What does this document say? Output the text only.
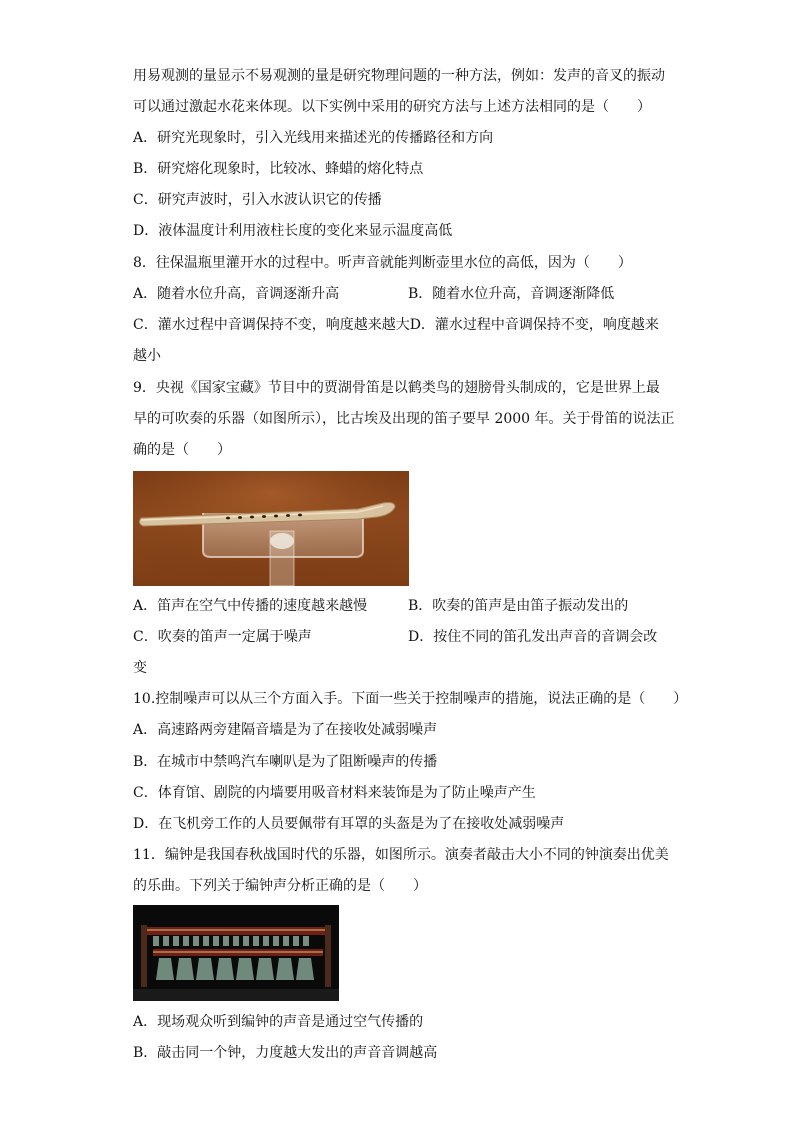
用易观测的量显示不易观测的量是研究物理问题的一种方法，例如：发声的音叉的振动
可以通过激起水花来体现。以下实例中采用的研究方法与上述方法相同的是（　　）
A．研究光现象时，引入光线用来描述光的传播路径和方向
B．研究熔化现象时，比较冰、蜂蜡的熔化特点
C．研究声波时，引入水波认识它的传播
D．液体温度计利用液柱长度的变化来显示温度高低
8．往保温瓶里灌开水的过程中。听声音就能判断壶里水位的高低，因为（　　）
A．随着水位升高，音调逐渐升高	B．随着水位升高，音调逐渐降低
C．灌水过程中音调保持不变，响度越来越大D．灌水过程中音调保持不变，响度越来
越小
9．央视《国家宝藏》节目中的贾湖骨笛是以鹤类鸟的翅膀骨头制成的，它是世界上最
早的可吹奏的乐器（如图所示），比古埃及出现的笛子要早 2000 年。关于骨笛的说法正
确的是（　　）
A．笛声在空气中传播的速度越来越慢	B．吹奏的笛声是由笛子振动发出的
C．吹奏的笛声一定属于噪声	D．按住不同的笛孔发出声音的音调会改
变
10.控制噪声可以从三个方面入手。下面一些关于控制噪声的措施，说法正确的是（　　）
A．高速路两旁建隔音墙是为了在接收处减弱噪声
B．在城市中禁鸣汽车喇叭是为了阻断噪声的传播
C．体育馆、剧院的内墙要用吸音材料来装饰是为了防止噪声产生
D．在飞机旁工作的人员要佩带有耳罩的头盔是为了在接收处减弱噪声
11．编钟是我国春秋战国时代的乐器，如图所示。演奏者敲击大小不同的钟演奏出优美
的乐曲。下列关于编钟声分析正确的是（　　）
A．现场观众听到编钟的声音是通过空气传播的
B．敲击同一个钟，力度越大发出的声音音调越高
